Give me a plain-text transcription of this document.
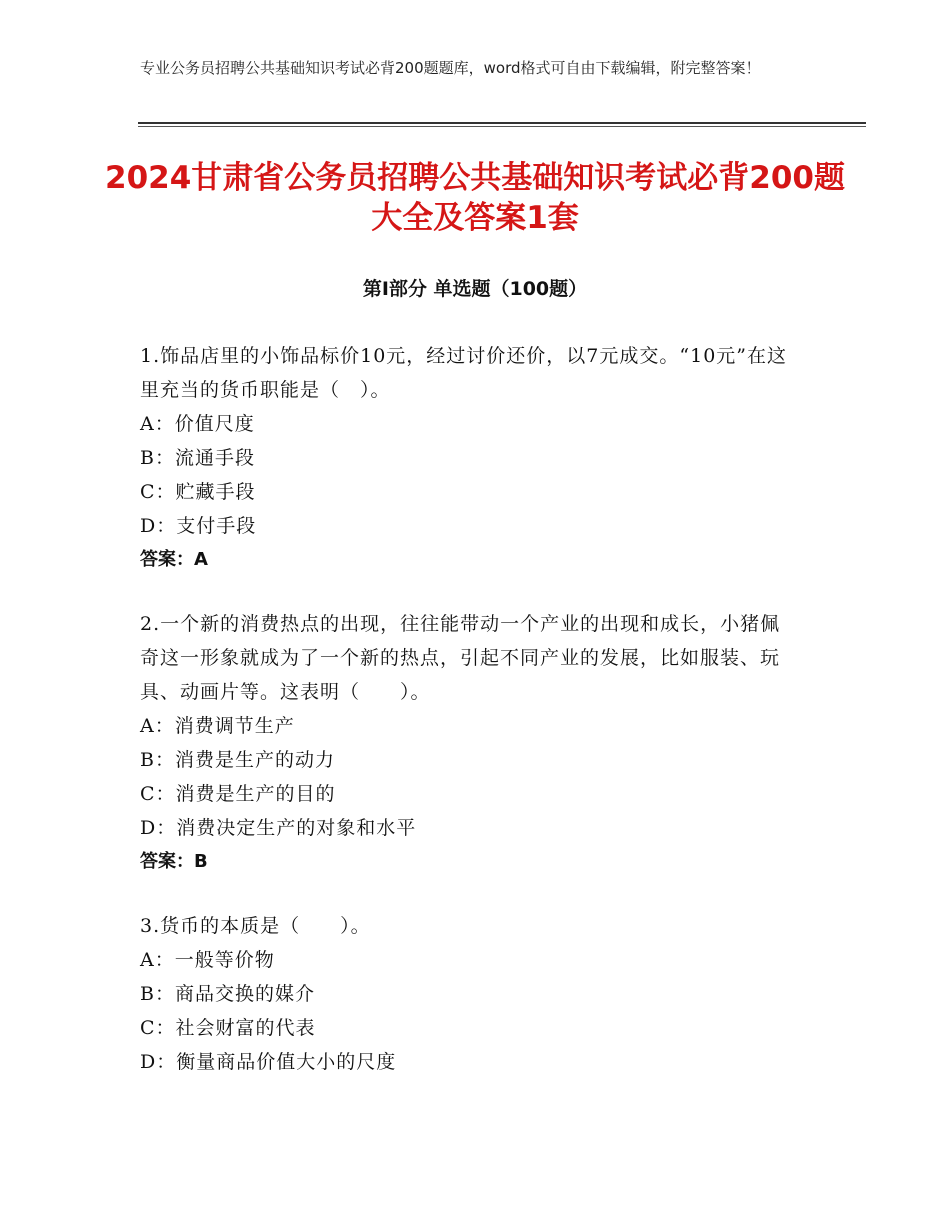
专业公务员招聘公共基础知识考试必背200题题库，word格式可自由下载编辑，附完整答案！
2024甘肃省公务员招聘公共基础知识考试必背200题大全及答案1套
第Ⅰ部分 单选题（100题）
1.饰品店里的小饰品标价10元，经过讨价还价，以7元成交。“10元”在这里充当的货币职能是（　）。
A：价值尺度
B：流通手段
C：贮藏手段
D：支付手段
答案：A
2.一个新的消费热点的出现，往往能带动一个产业的出现和成长，小猪佩奇这一形象就成为了一个新的热点，引起不同产业的发展，比如服装、玩具、动画片等。这表明（　　）。
A：消费调节生产
B：消费是生产的动力
C：消费是生产的目的
D：消费决定生产的对象和水平
答案：B
3.货币的本质是（　　）。
A：一般等价物
B：商品交换的媒介
C：社会财富的代表
D：衡量商品价值大小的尺度
